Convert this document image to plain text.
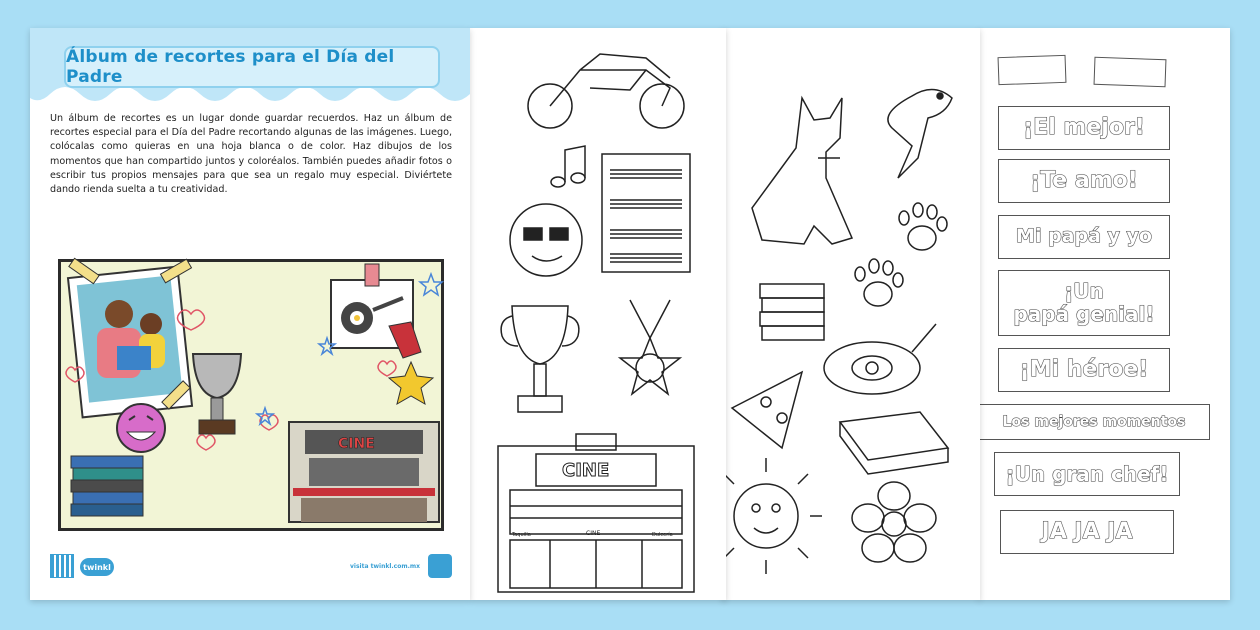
Álbum de recortes para el Día del Padre

Un álbum de recortes es un lugar donde guardar recuerdos. Haz un álbum de recortes especial para el Día del Padre recortando algunas de las imágenes. Luego, colócalas como quieras en una hoja blanca o de color. Haz dibujos de los momentos que han compartido juntos y coloréalos. También puedes añadir fotos o escribir tus propios mensajes para que sea un regalo muy especial. Diviértete dando rienda suelta a tu creatividad.

CINE
twinkl	visita twinkl.com.mx
CINE
CINE
Taquilla	Dulcería
¡El mejor!
¡Te amo!
Mi papá y yo
¡Un
papá genial!
¡Mi héroe!
Los mejores momentos
¡Un gran chef!
JA JA JA
